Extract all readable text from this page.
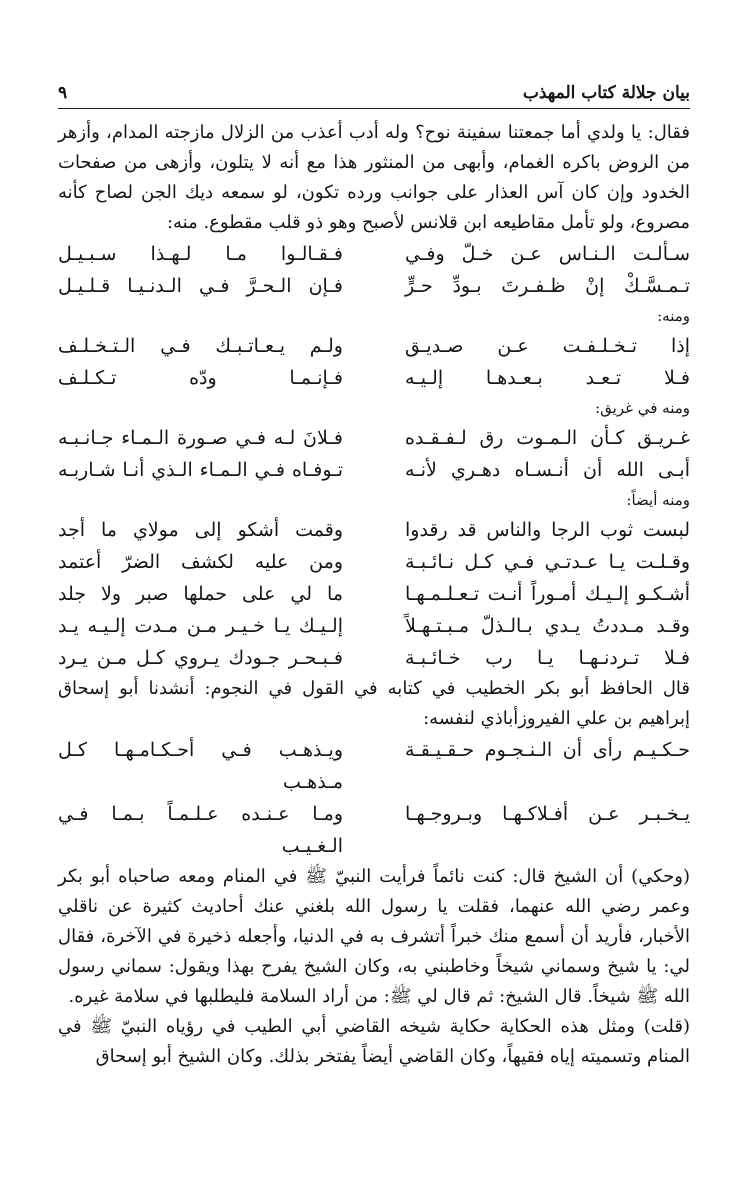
بيان جلالة كتاب المهذب
٩

فقال: يا ولدي أما جمعتنا سفينة نوح؟ وله أدب أعذب من الزلال مازجته المدام، وأزهر من الروض باكره الغمام، وأبهى من المنثور هذا مع أنه لا يتلون، وأزهى من صفحات الخدود وإن كان آس العذار على جوانب ورده تكون، لو سمعه ديك الجن لصاح كأنه مصروع، ولو تأمل مقاطيعه ابن قلانس لأصبح وهو ذو قلب مقطوع. منه:

سـألـت الـنـاس عـن خـلّ وفـي
فـقـالـوا مـا لـهـذا سـبـيـل
تـمـسَّـكْ إنْ ظـفـرتَ بـودِّ حـرٍّ
فـإن الـحـرَّ فـي الـدنـيـا قـلـيـل
ومنه:
إذا تـخـلـفـت عـن صـديـق
ولـم يـعـاتـبـك فـي الـتـخـلـف
فـلا تـعـد بـعـدهـا إلـيـه
فـإنـمـا ودّه تـكـلـف
ومنه في غريق:
غـريـق كـأن الـمـوت رق لـفـقـده
فـلانَ لـه فـي صـورة الـمـاء جـانـبـه
أبـى الله أن أنـسـاه دهـري لأنـه
تـوفـاه فـي الـمـاء الـذي أنـا شـاربـه
ومنه أيضاً:
لبست ثوب الرجا والناس قد رقدوا
وقمت أشكو إلى مولاي ما أجد
وقـلـت يـا عـدتـي فـي كـل نـائـبـة
ومن عليه لكشف الضرّ أعتمد
أشـكـو إلـيـك أمـوراً أنـت تـعـلـمـهـا
ما لي على حملها صبر ولا جلد
وقـد مـددتُ يـدي بـالـذلّ مـبـتـهـلاً
إلـيـك يـا خـيـر مـن مـدت إلـيـه يـد
فـلا تـردنـهـا يـا رب خـائـبـة
فـبـحـر جـودك يـروي كـل مـن يـرد

قال الحافظ أبو بكر الخطيب في كتابه في القول في النجوم: أنشدنا أبو إسحاق إبراهيم بن علي الفيروزأباذي لنفسه:

حـكـيـم رأى أن الـنـجـوم حـقـيـقـة
ويـذهـب فـي أحـكـامـهـا كـل مـذهـب
يـخـبـر عـن أفـلاكـهـا وبـروجـهـا
ومـا عـنـده عـلـمـاً بـمـا فـي الـغـيـب

(وحكي) أن الشيخ قال: كنت نائماً فرأيت النبيّ ﷺ في المنام ومعه صاحباه أبو بكر وعمر رضي الله عنهما، فقلت يا رسول الله بلغني عنك أحاديث كثيرة عن ناقلي الأخبار، فأريد أن أسمع منك خبراً أتشرف به في الدنيا، وأجعله ذخيرة في الآخرة، فقال لي: يا شيخ وسماني شيخاً وخاطبني به، وكان الشيخ يفرح بهذا ويقول: سماني رسول الله ﷺ شيخاً. قال الشيخ: ثم قال لي ﷺ: من أراد السلامة فليطلبها في سلامة غيره.

(قلت) ومثل هذه الحكاية حكاية شيخه القاضي أبي الطيب في رؤياه النبيّ ﷺ في المنام وتسميته إياه فقيهاً، وكان القاضي أيضاً يفتخر بذلك. وكان الشيخ أبو إسحاق
